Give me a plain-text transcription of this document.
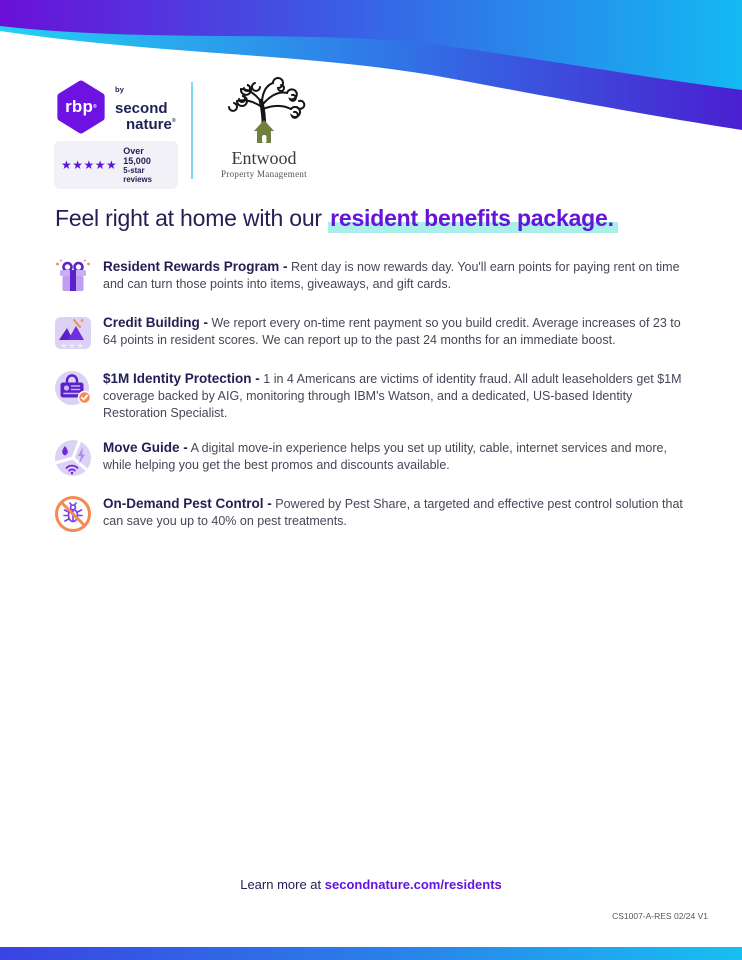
rbp ®
$^{by}$ second
nature®
★★★★★
Over 15,000
5-star reviews
Entwood
Property Management
Feel right at home with our resident benefits package.
Resident Rewards Program - Rent day is now rewards day. You'll earn points for paying rent on time and can turn those points into items, giveaways, and gift cards.
★★★
Credit Building - We report every on-time rent payment so you build credit. Average increases of 23 to 64 points in resident scores. We can report up to the past 24 months for an immediate boost.
$1M Identity Protection - 1 in 4 Americans are victims of identity fraud. All adult leaseholders get $1M coverage backed by AIG, monitoring through IBM's Watson, and a dedicated, US-based Identity Restoration Specialist.
Move Guide - A digital move-in experience helps you set up utility, cable, internet services and more, while helping you get the best promos and discounts available.
On-Demand Pest Control - Powered by Pest Share, a targeted and effective pest control solution that can save you up to 40% on pest treatments.
Learn more at secondnature.com/residents
CS1007-A-RES 02/24 V1
